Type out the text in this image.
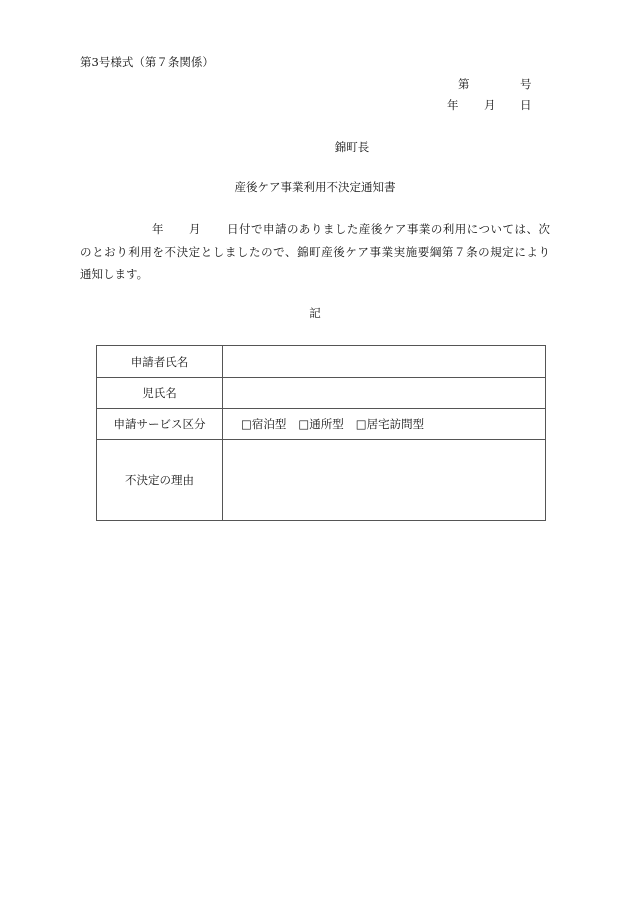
第3号様式（第７条関係）
第	号
年 月 日
錦町長
産後ケア事業利用不決定通知書
年 月 日付で申請のありました産後ケア事業の利用については、次
のとおり利用を不決定としましたので、錦町産後ケア事業実施要綱第７条の規定により
通知します。
記
申請者氏名	
児氏名	
申請サービス区分	□宿泊型 □通所型 □居宅訪問型
不決定の理由	
